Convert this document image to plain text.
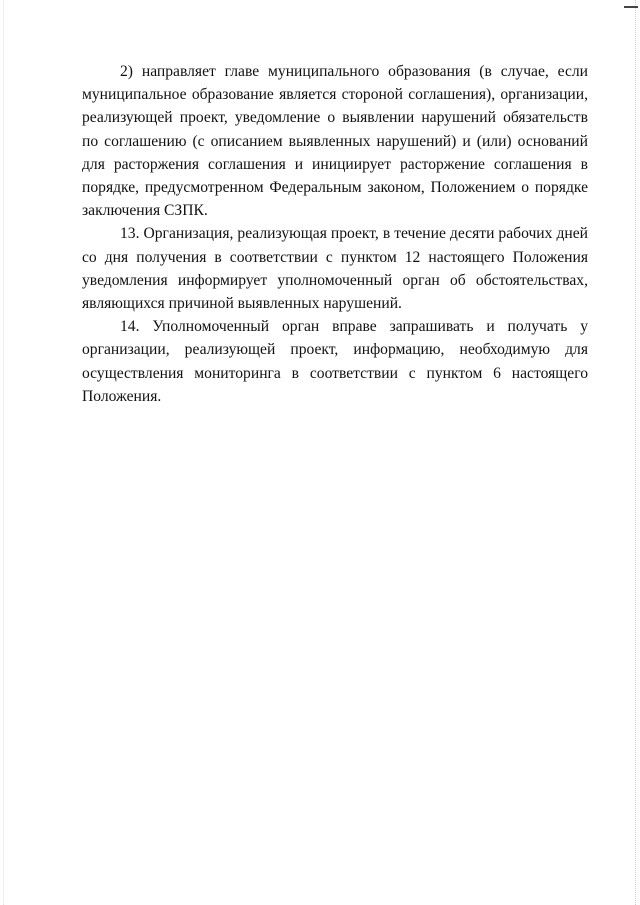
2) направляет главе муниципального образования (в случае, если муниципальное образование является стороной соглашения), организации, реализующей проект, уведомление о выявлении нарушений обязательств по соглашению (с описанием выявленных нарушений) и (или) оснований для расторжения соглашения и инициирует расторжение соглашения в порядке, предусмотренном Федеральным законом, Положением о порядке заключения СЗПК.

13. Организация, реализующая проект, в течение десяти рабочих дней со дня получения в соответствии с пунктом 12 настоящего Положения уведомления информирует уполномоченный орган об обстоятельствах, являющихся причиной выявленных нарушений.

14. Уполномоченный орган вправе запрашивать и получать у организации, реализующей проект, информацию, необходимую для осуществления мониторинга в соответствии с пунктом 6 настоящего Положения.
